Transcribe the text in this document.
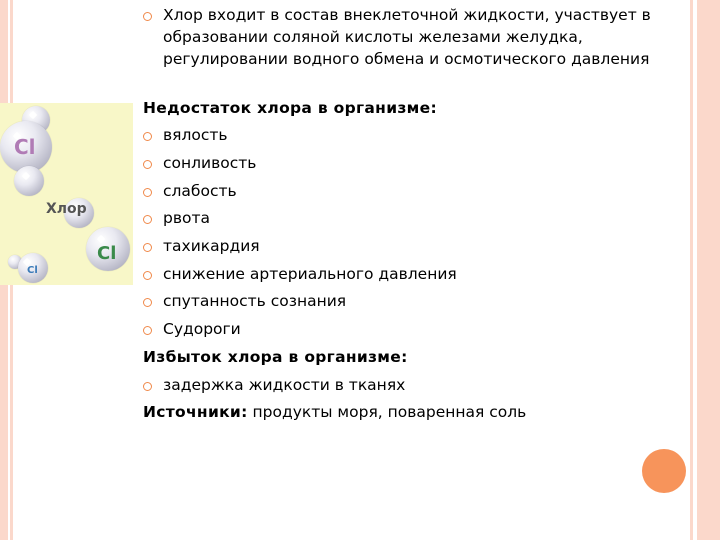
Cl
Хлор
Cl
Cl
Хлор входит в состав внеклеточной жидкости, участвует в образовании соляной кислоты железами желудка, регулировании водного обмена и осмотического давления
Недостаток хлора в организме:
вялость
сонливость
слабость
рвота
тахикардия
снижение артериального давления
спутанность сознания
Судороги
Избыток хлора в организме:
задержка жидкости в тканях
Источники: продукты моря, поваренная соль
